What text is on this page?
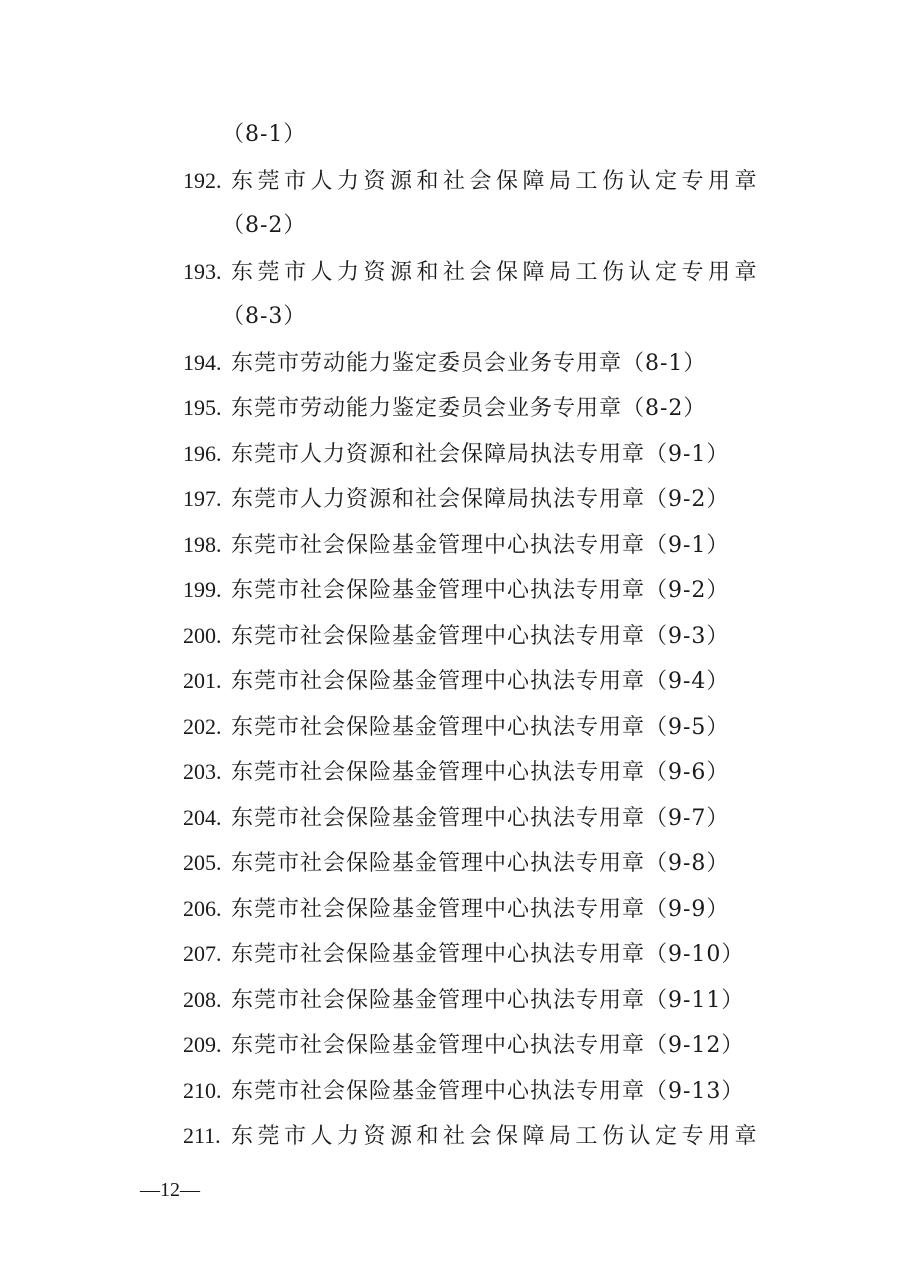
（8-1）
192. 东莞市人力资源和社会保障局工伤认定专用章
（8-2）
193. 东莞市人力资源和社会保障局工伤认定专用章
（8-3）
194. 东莞市劳动能力鉴定委员会业务专用章（8-1）
195. 东莞市劳动能力鉴定委员会业务专用章（8-2）
196. 东莞市人力资源和社会保障局执法专用章（9-1）
197. 东莞市人力资源和社会保障局执法专用章（9-2）
198. 东莞市社会保险基金管理中心执法专用章（9-1）
199. 东莞市社会保险基金管理中心执法专用章（9-2）
200. 东莞市社会保险基金管理中心执法专用章（9-3）
201. 东莞市社会保险基金管理中心执法专用章（9-4）
202. 东莞市社会保险基金管理中心执法专用章（9-5）
203. 东莞市社会保险基金管理中心执法专用章（9-6）
204. 东莞市社会保险基金管理中心执法专用章（9-7）
205. 东莞市社会保险基金管理中心执法专用章（9-8）
206. 东莞市社会保险基金管理中心执法专用章（9-9）
207. 东莞市社会保险基金管理中心执法专用章（9-10）
208. 东莞市社会保险基金管理中心执法专用章（9-11）
209. 东莞市社会保险基金管理中心执法专用章（9-12）
210. 东莞市社会保险基金管理中心执法专用章（9-13）
211. 东莞市人力资源和社会保障局工伤认定专用章
—12—
